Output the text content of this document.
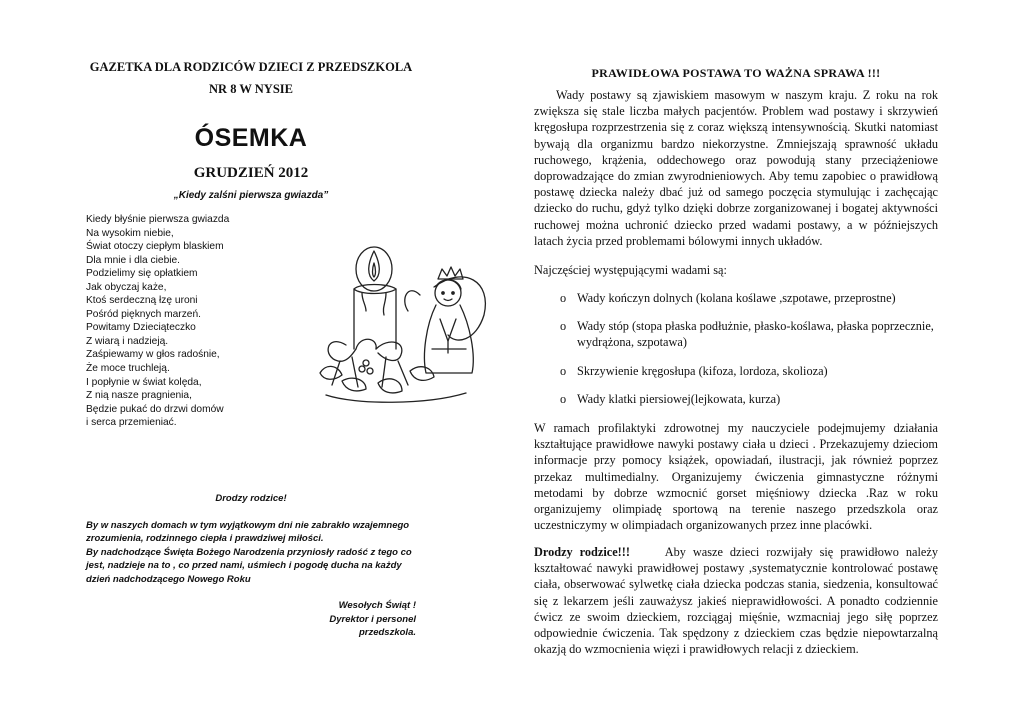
GAZETKA DLA RODZICÓW DZIECI Z PRZEDSZKOLA
NR 8 W NYSIE
ÓSEMKA
GRUDZIEŃ 2012
„Kiedy zalśni pierwsza gwiazda”
Kiedy błyśnie pierwsza gwiazda
Na wysokim niebie,
Świat otoczy ciepłym blaskiem
Dla mnie i dla ciebie.
Podzielimy się opłatkiem
Jak obyczaj każe,
Ktoś serdeczną łzę uroni
Pośród pięknych marzeń.
Powitamy Dzieciąteczko
Z wiarą i nadzieją.
Zaśpiewamy w głos radośnie,
Że moce truchleją.
I popłynie w świat kolęda,
Z nią nasze pragnienia,
Będzie pukać do drzwi domów
i serca przemieniać.
Drodzy rodzice!
By w naszych domach w tym wyjątkowym dni nie zabrakło wzajemnego
zrozumienia, rodzinnego ciepła i prawdziwej miłości.
By nadchodzące Święta Bożego Narodzenia przyniosły radość z tego co
jest, nadzieje na to , co przed nami, uśmiech i pogodę ducha na każdy
dzień nadchodzącego Nowego Roku
Wesołych Świąt !
Dyrektor i personel
przedszkola.
PRAWIDŁOWA POSTAWA TO WAŻNA SPRAWA !!!
Wady postawy są zjawiskiem masowym w naszym kraju. Z roku na rok zwiększa się stale liczba małych pacjentów. Problem wad postawy i skrzywień kręgosłupa rozprzestrzenia się z coraz większą intensywnością. Skutki natomiast bywają dla organizmu bardzo niekorzystne. Zmniejszają sprawność układu ruchowego, krążenia, oddechowego oraz powodują stany przeciążeniowe doprowadzające do zmian zwyrodnieniowych. Aby temu zapobiec o prawidłową postawę dziecka należy dbać już od samego poczęcia stymulując i zachęcając dziecko do ruchu, gdyż tylko dzięki dobrze zorganizowanej i bogatej aktywności ruchowej można uchronić dziecko przed wadami postawy, a w późniejszych latach życia przed problemami bólowymi innych układów.
Najczęściej występującymi wadami są:
o Wady kończyn dolnych (kolana koślawe ,szpotawe, przeprostne)
o Wady stóp (stopa płaska podłużnie, płasko-koślawa, płaska poprzecznie, wydrążona, szpotawa)
o Skrzywienie kręgosłupa (kifoza, lordoza, skolioza)
o Wady klatki piersiowej(lejkowata, kurza)
W ramach profilaktyki zdrowotnej my nauczyciele podejmujemy działania kształtujące prawidłowe nawyki postawy ciała u dzieci . Przekazujemy dzieciom informacje przy pomocy książek, opowiadań, ilustracji, jak również poprzez przekaz multimedialny. Organizujemy ćwiczenia gimnastyczne różnymi metodami by dobrze wzmocnić gorset mięśniowy dziecka .Raz w roku organizujemy olimpiadę sportową na terenie naszego przedszkola oraz uczestniczymy w olimpiadach organizowanych przez inne placówki.
Drodzy rodzice!!!	Aby wasze dzieci rozwijały się prawidłowo należy kształtować nawyki prawidłowej postawy ,systematycznie kontrolować postawę ciała, obserwować sylwetkę ciała dziecka podczas stania, siedzenia, konsultować się z lekarzem jeśli zauważysz jakieś nieprawidłowości. A ponadto codziennie ćwicz ze swoim dzieckiem, rozciągaj mięśnie, wzmacniaj jego siłę poprzez odpowiednie ćwiczenia. Tak spędzony z dzieckiem czas będzie niepowtarzalną okazją do wzmocnienia więzi i prawidłowych relacji z dzieckiem.
